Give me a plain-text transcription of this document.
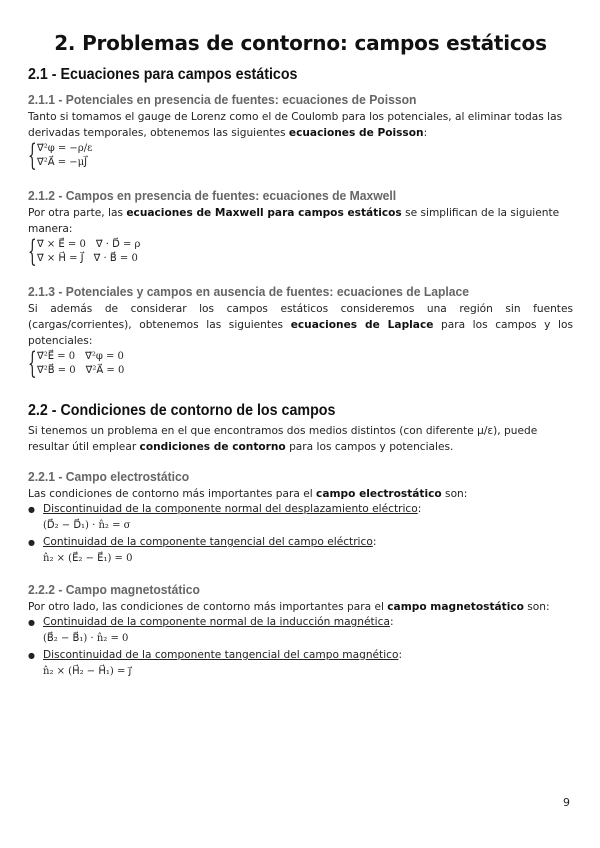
2. Problemas de contorno: campos estáticos
2.1 - Ecuaciones para campos estáticos
2.1.1 - Potenciales en presencia de fuentes: ecuaciones de Poisson

Tanto si tomamos el gauge de Lorenz como el de Coulomb para los potenciales, al eliminar todas las derivadas temporales, obtenemos las siguientes ecuaciones de Poisson:

{ ∇⃗²φ = −ρ/ε
∇⃗²A⃗ = −μJ⃗
2.1.2 - Campos en presencia de fuentes: ecuaciones de Maxwell

Por otra parte, las ecuaciones de Maxwell para campos estáticos se simplifican de la siguiente manera:

{ ∇⃗ × E⃗ = 0 ∇⃗ · D⃗ = ρ
∇⃗ × H⃗ = J⃗ ∇⃗ · B⃗ = 0
2.1.3 - Potenciales y campos en ausencia de fuentes: ecuaciones de Laplace

Si además de considerar los campos estáticos consideremos una región sin fuentes (cargas/corrientes), obtenemos las siguientes ecuaciones de Laplace para los campos y los potenciales:

{ ∇⃗²E⃗ = 0 ∇⃗²φ = 0
∇⃗²B⃗ = 0 ∇⃗²A⃗ = 0
2.2 - Condiciones de contorno de los campos

Si tenemos un problema en el que encontramos dos medios distintos (con diferente μ/ε), puede resultar útil emplear condiciones de contorno para los campos y potenciales.

2.2.1 - Campo electrostático

Las condiciones de contorno más importantes para el campo electrostático son:

● Discontinuidad de la componente normal del desplazamiento eléctrico:
(D⃗₂ − D⃗₁) · n̂₂ = σ
● Continuidad de la componente tangencial del campo eléctrico:
n̂₂ × (E⃗₂ − E⃗₁) = 0
2.2.2 - Campo magnetostático

Por otro lado, las condiciones de contorno más importantes para el campo magnetostático son:

● Continuidad de la componente normal de la inducción magnética:
(B⃗₂ − B⃗₁) · n̂₂ = 0
● Discontinuidad de la componente tangencial del campo magnético:
n̂₂ × (H⃗₂ − H⃗₁) = j⃗
9
